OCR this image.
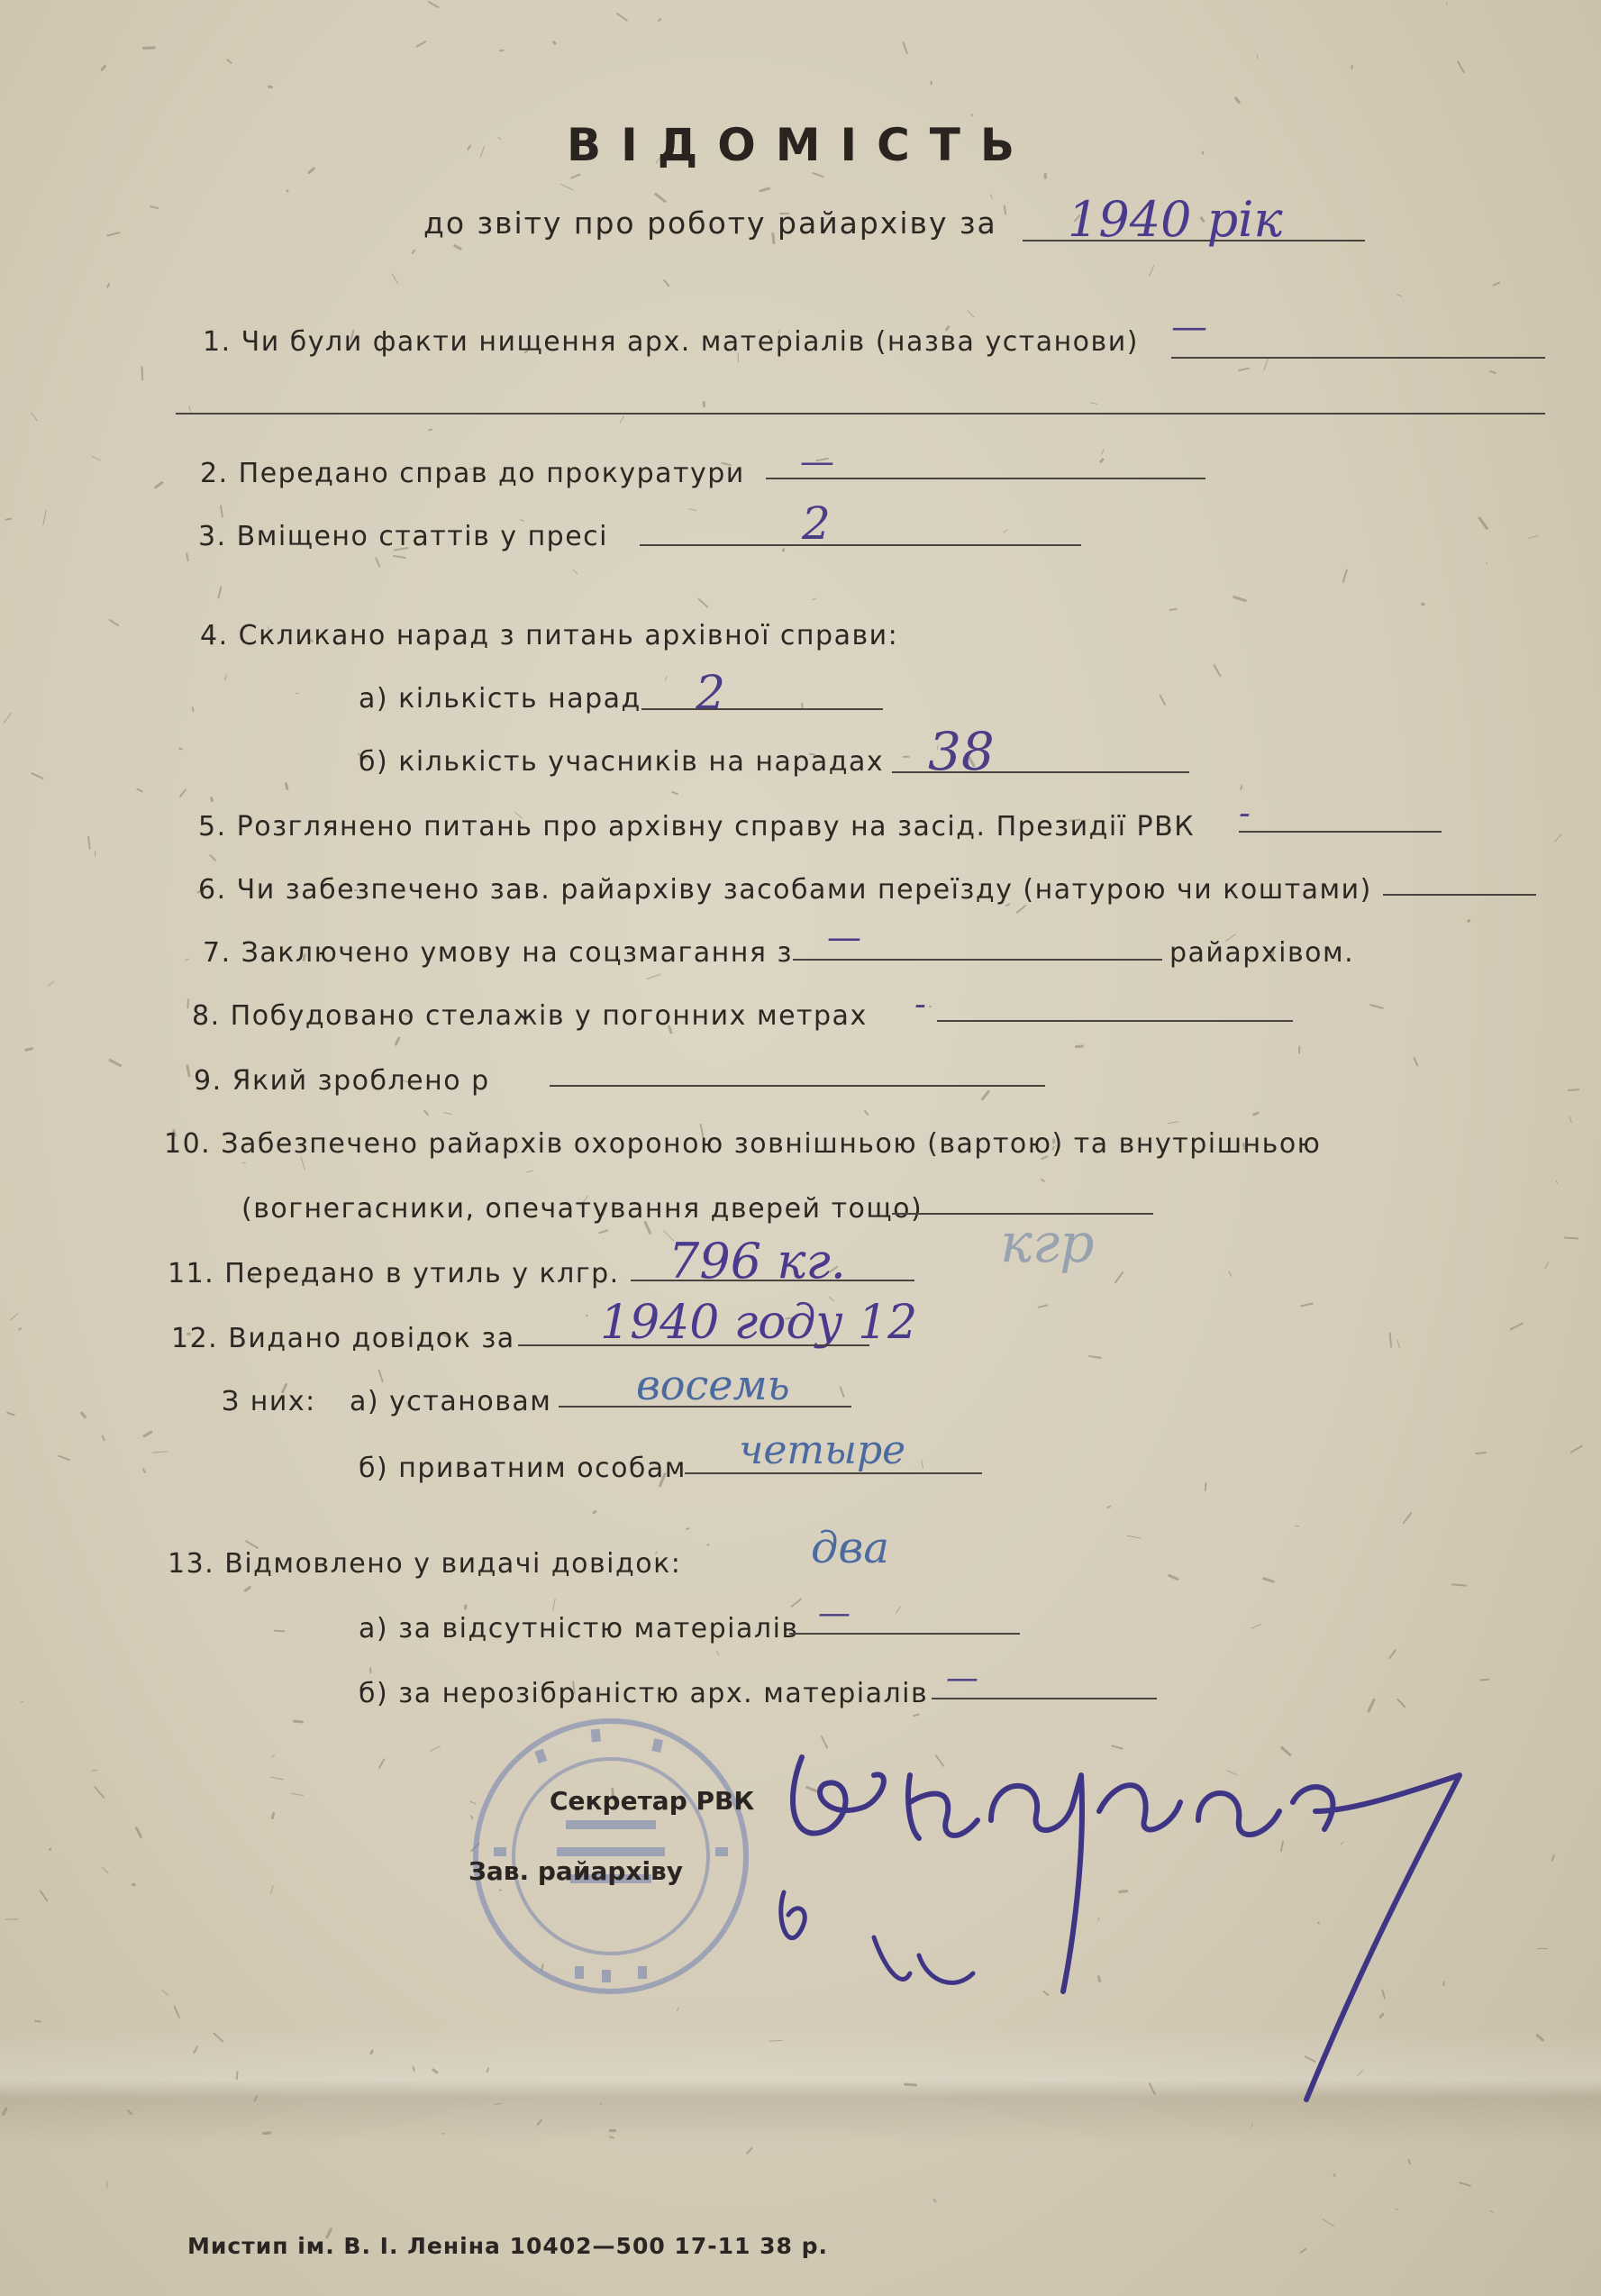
ВІДОМІСТЬ
до звіту про роботу райархіву за 1940 рік
1. Чи були факти нищення арх. матеріалів (назва установи) —
2. Передано справ до прокуратури —
3. Вміщено статтів у пресі	2
4. Скликано нарад з питань архівної справи:
а) кількість нарад 2
б) кількість учасників на нарадах 38
5. Розглянено питань про архівну справу на засід. Президії РВК -
6. Чи забезпечено зав. райархіву засобами переїзду (натурою чи коштами)
7. Заключено умову на соцзмагання з —	райархівом.
8. Побудовано стелажів у погонних метрах -
9. Який зроблено р
10. Забезпечено райархів охороною зовнішньою (вартою) та внутрішньою
(вогнегасники, опечатування дверей тощо)
11. Передано в утиль у клгр. 796 кг.	кгр
12. Видано довідок за 1940 году 12
З них: а) установам восемь
б) приватним особам четыре
13. Відмовлено у видачі довідок:	два
а) за відсутністю матеріалів —
б) за нерозібраністю арх. матеріалів —
Секретар РВК
Зав. райархіву
Мистип ім. В. І. Леніна 10402—500 17-11 38 р.
